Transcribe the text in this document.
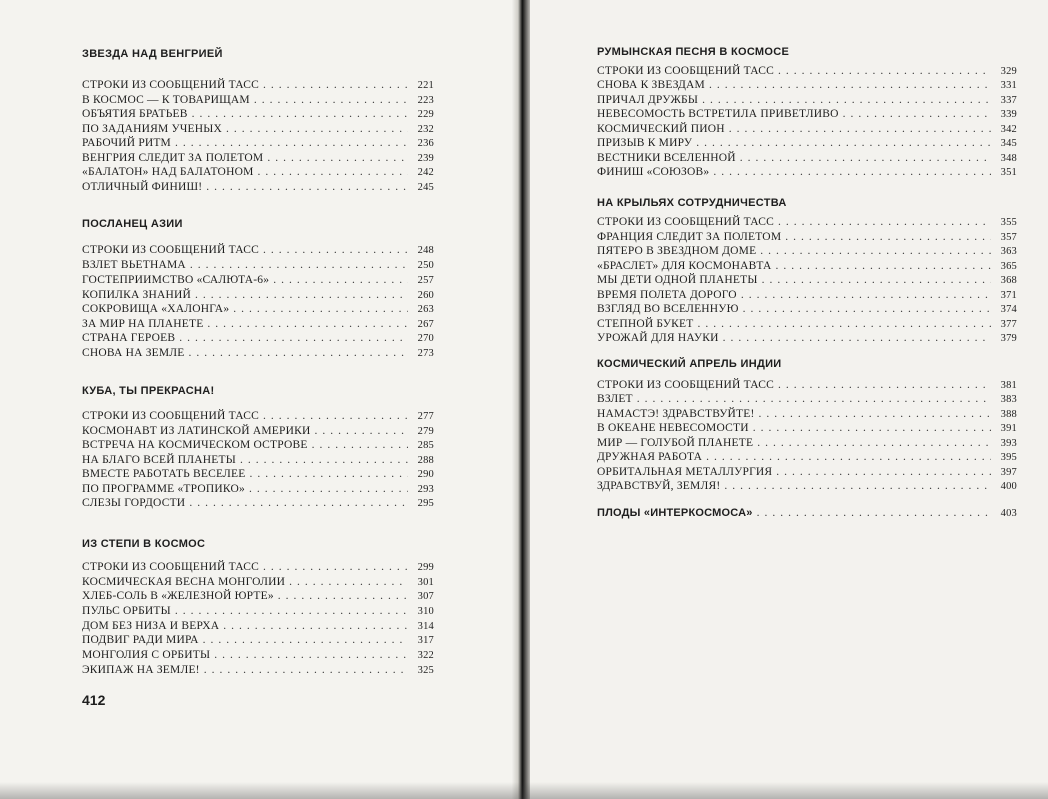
ЗВЕЗДА НАД ВЕНГРИЕЙ
СТРОКИ ИЗ СООБЩЕНИЙ ТАСС .....	221
В КОСМОС — К ТОВАРИЩАМ .....	223
ОБЪЯТИЯ БРАТЬЕВ .....	229
ПО ЗАДАНИЯМ УЧЕНЫХ .....	232
РАБОЧИЙ РИТМ .....	236
ВЕНГРИЯ СЛЕДИТ ЗА ПОЛЕТОМ .....	239
«БАЛАТОН» НАД БАЛАТОНОМ .....	242
ОТЛИЧНЫЙ ФИНИШ! .....	245
ПОСЛАНЕЦ АЗИИ
СТРОКИ ИЗ СООБЩЕНИЙ ТАСС .....	248
ВЗЛЕТ ВЬЕТНАМА .....	250
ГОСТЕПРИИМСТВО «САЛЮТА-6» .....	257
КОПИЛКА ЗНАНИЙ .....	260
СОКРОВИЩА «ХАЛОНГА» .....	263
ЗА МИР НА ПЛАНЕТЕ .....	267
СТРАНА ГЕРОЕВ .....	270
СНОВА НА ЗЕМЛЕ .....	273
КУБА, ТЫ ПРЕКРАСНА!
СТРОКИ ИЗ СООБЩЕНИЙ ТАСС .....	277
КОСМОНАВТ ИЗ ЛАТИНСКОЙ АМЕРИКИ .....	279
ВСТРЕЧА НА КОСМИЧЕСКОМ ОСТРОВЕ .....	285
НА БЛАГО ВСЕЙ ПЛАНЕТЫ .....	288
ВМЕСТЕ РАБОТАТЬ ВЕСЕЛЕЕ .....	290
ПО ПРОГРАММЕ «ТРОПИКО» .....	293
СЛЕЗЫ ГОРДОСТИ .....	295
ИЗ СТЕПИ В КОСМОС
СТРОКИ ИЗ СООБЩЕНИЙ ТАСС .....	299
КОСМИЧЕСКАЯ ВЕСНА МОНГОЛИИ .....	301
ХЛЕБ-СОЛЬ В «ЖЕЛЕЗНОЙ ЮРТЕ» .....	307
ПУЛЬС ОРБИТЫ .....	310
ДОМ БЕЗ НИЗА И ВЕРХА .....	314
ПОДВИГ РАДИ МИРА .....	317
МОНГОЛИЯ С ОРБИТЫ .....	322
ЭКИПАЖ НА ЗЕМЛЕ! .....	325
412
РУМЫНСКАЯ ПЕСНЯ В КОСМОСЕ
СТРОКИ ИЗ СООБЩЕНИЙ ТАСС .....	329
СНОВА К ЗВЕЗДАМ .....	331
ПРИЧАЛ ДРУЖБЫ .....	337
НЕВЕСОМОСТЬ ВСТРЕТИЛА ПРИВЕТЛИВО .....	339
КОСМИЧЕСКИЙ ПИОН .....	342
ПРИЗЫВ К МИРУ .....	345
ВЕСТНИКИ ВСЕЛЕННОЙ .....	348
ФИНИШ «СОЮЗОВ» .....	351
НА КРЫЛЬЯХ СОТРУДНИЧЕСТВА
СТРОКИ ИЗ СООБЩЕНИЙ ТАСС .....	355
ФРАНЦИЯ СЛЕДИТ ЗА ПОЛЕТОМ .....	357
ПЯТЕРО В ЗВЕЗДНОМ ДОМЕ .....	363
«БРАСЛЕТ» ДЛЯ КОСМОНАВТА .....	365
МЫ ДЕТИ ОДНОЙ ПЛАНЕТЫ .....	368
ВРЕМЯ ПОЛЕТА ДОРОГО .....	371
ВЗГЛЯД ВО ВСЕЛЕННУЮ .....	374
СТЕПНОЙ БУКЕТ .....	377
УРОЖАЙ ДЛЯ НАУКИ .....	379
КОСМИЧЕСКИЙ АПРЕЛЬ ИНДИИ
СТРОКИ ИЗ СООБЩЕНИЙ ТАСС .....	381
ВЗЛЕТ .....	383
НАМАСТЭ! ЗДРАВСТВУЙТЕ! .....	388
В ОКЕАНЕ НЕВЕСОМОСТИ .....	391
МИР — ГОЛУБОЙ ПЛАНЕТЕ .....	393
ДРУЖНАЯ РАБОТА .....	395
ОРБИТАЛЬНАЯ МЕТАЛЛУРГИЯ .....	397
ЗДРАВСТВУЙ, ЗЕМЛЯ! .....	400
ПЛОДЫ «ИНТЕРКОСМОСА» .....	403
